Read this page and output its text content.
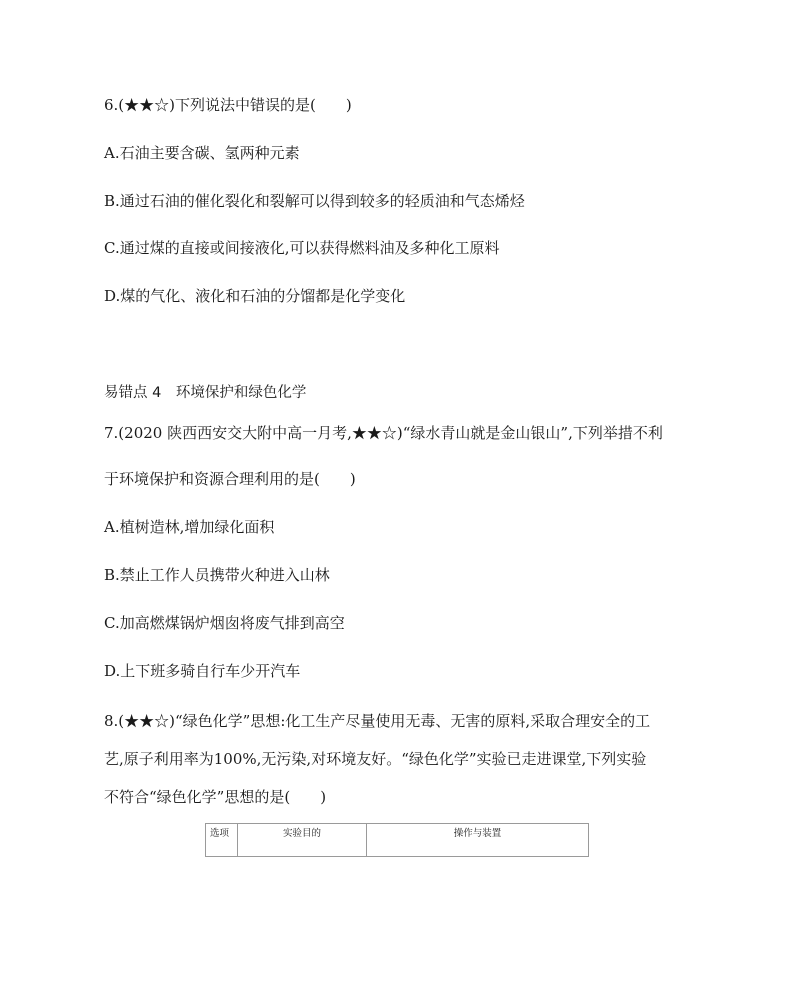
6.(★★☆)下列说法中错误的是(　　)
A.石油主要含碳、氢两种元素
B.通过石油的催化裂化和裂解可以得到较多的轻质油和气态烯烃
C.通过煤的直接或间接液化,可以获得燃料油及多种化工原料
D.煤的气化、液化和石油的分馏都是化学变化
易错点 4　环境保护和绿色化学
7.(2020 陕西西安交大附中高一月考,★★☆)“绿水青山就是金山银山”,下列举措不利
于环境保护和资源合理利用的是(　　)
A.植树造林,增加绿化面积
B.禁止工作人员携带火种进入山林
C.加高燃煤锅炉烟囱将废气排到高空
D.上下班多骑自行车少开汽车
8.(★★☆)“绿色化学”思想:化工生产尽量使用无毒、无害的原料,采取合理安全的工
艺,原子利用率为100%,无污染,对环境友好。“绿色化学”实验已走进课堂,下列实验
不符合“绿色化学”思想的是(　　)
选项	实验目的	操作与装置
